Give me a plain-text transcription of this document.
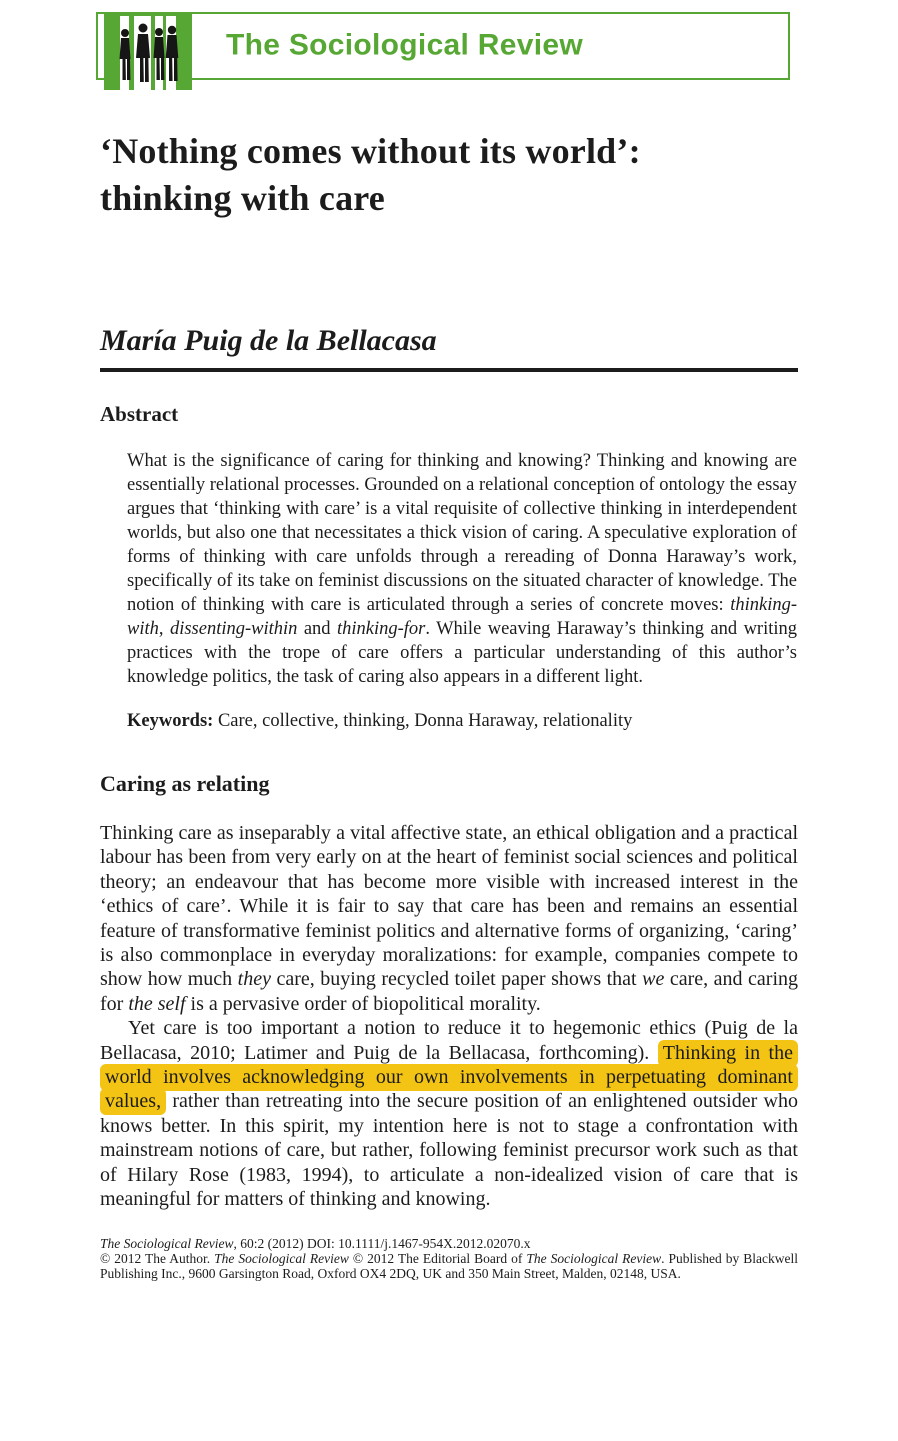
The Sociological Review
‘Nothing comes without its world’:
thinking with care
María Puig de la Bellacasa
Abstract

What is the significance of caring for thinking and knowing? Thinking and knowing are essentially relational processes. Grounded on a relational conception of ontology the essay argues that ‘thinking with care’ is a vital requisite of collective thinking in interdependent worlds, but also one that necessitates a thick vision of caring. A speculative exploration of forms of thinking with care unfolds through a rereading of Donna Haraway’s work, specifically of its take on feminist discussions on the situated character of knowledge. The notion of thinking with care is articulated through a series of concrete moves: thinking-with, dissenting-within and thinking-for. While weaving Haraway’s thinking and writing practices with the trope of care offers a particular understanding of this author’s knowledge politics, the task of caring also appears in a different light.

Keywords: Care, collective, thinking, Donna Haraway, relationality

Caring as relating

Thinking care as inseparably a vital affective state, an ethical obligation and a practical labour has been from very early on at the heart of feminist social sciences and political theory; an endeavour that has become more visible with increased interest in the ‘ethics of care’. While it is fair to say that care has been and remains an essential feature of transformative feminist politics and alternative forms of organizing, ‘caring’ is also commonplace in everyday moralizations: for example, companies compete to show how much they care, buying recycled toilet paper shows that we care, and caring for the self is a pervasive order of biopolitical morality.

Yet care is too important a notion to reduce it to hegemonic ethics (Puig de la Bellacasa, 2010; Latimer and Puig de la Bellacasa, forthcoming). Thinking in the world involves acknowledging our own involvements in perpetuating dominant values, rather than retreating into the secure position of an enlightened outsider who knows better. In this spirit, my intention here is not to stage a confrontation with mainstream notions of care, but rather, following feminist precursor work such as that of Hilary Rose (1983, 1994), to articulate a non-idealized vision of care that is meaningful for matters of thinking and knowing.

The Sociological Review, 60:2 (2012) DOI: 10.1111/j.1467-954X.2012.02070.x

© 2012 The Author. The Sociological Review © 2012 The Editorial Board of The Sociological Review. Published by Blackwell Publishing Inc., 9600 Garsington Road, Oxford OX4 2DQ, UK and 350 Main Street, Malden, 02148, USA.
